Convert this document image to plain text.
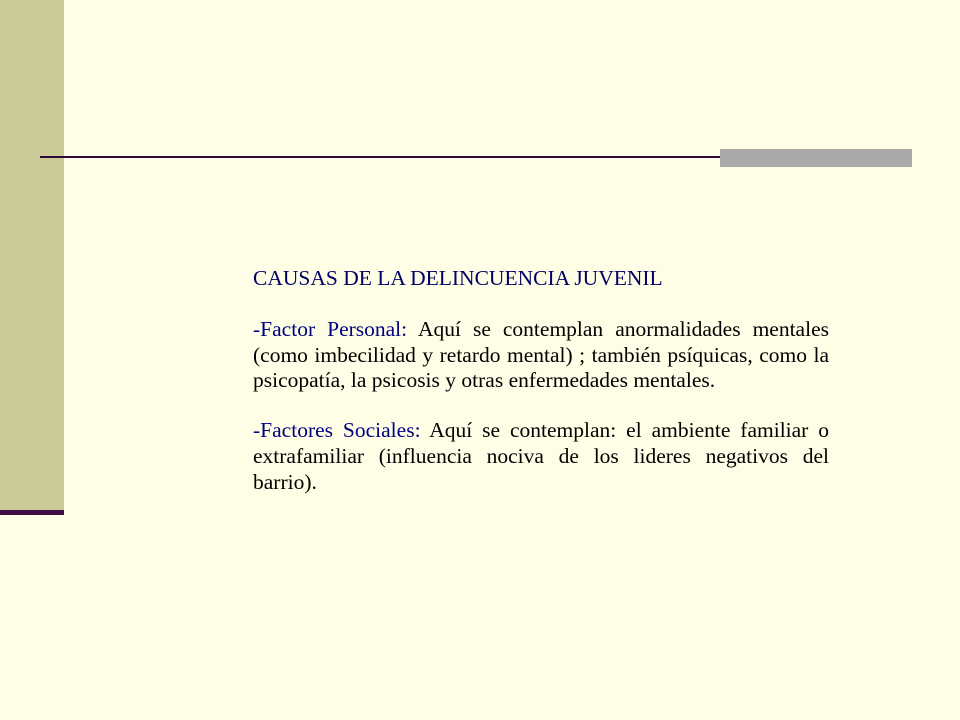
CAUSAS DE LA DELINCUENCIA JUVENIL

-Factor Personal: Aquí se contemplan anormalidades mentales (como imbecilidad y retardo mental) ; también psíquicas, como la psicopatía, la psicosis y otras enfermedades mentales.

-Factores Sociales: Aquí se contemplan: el ambiente familiar o extrafamiliar (influencia nociva de los lideres negativos del barrio).
